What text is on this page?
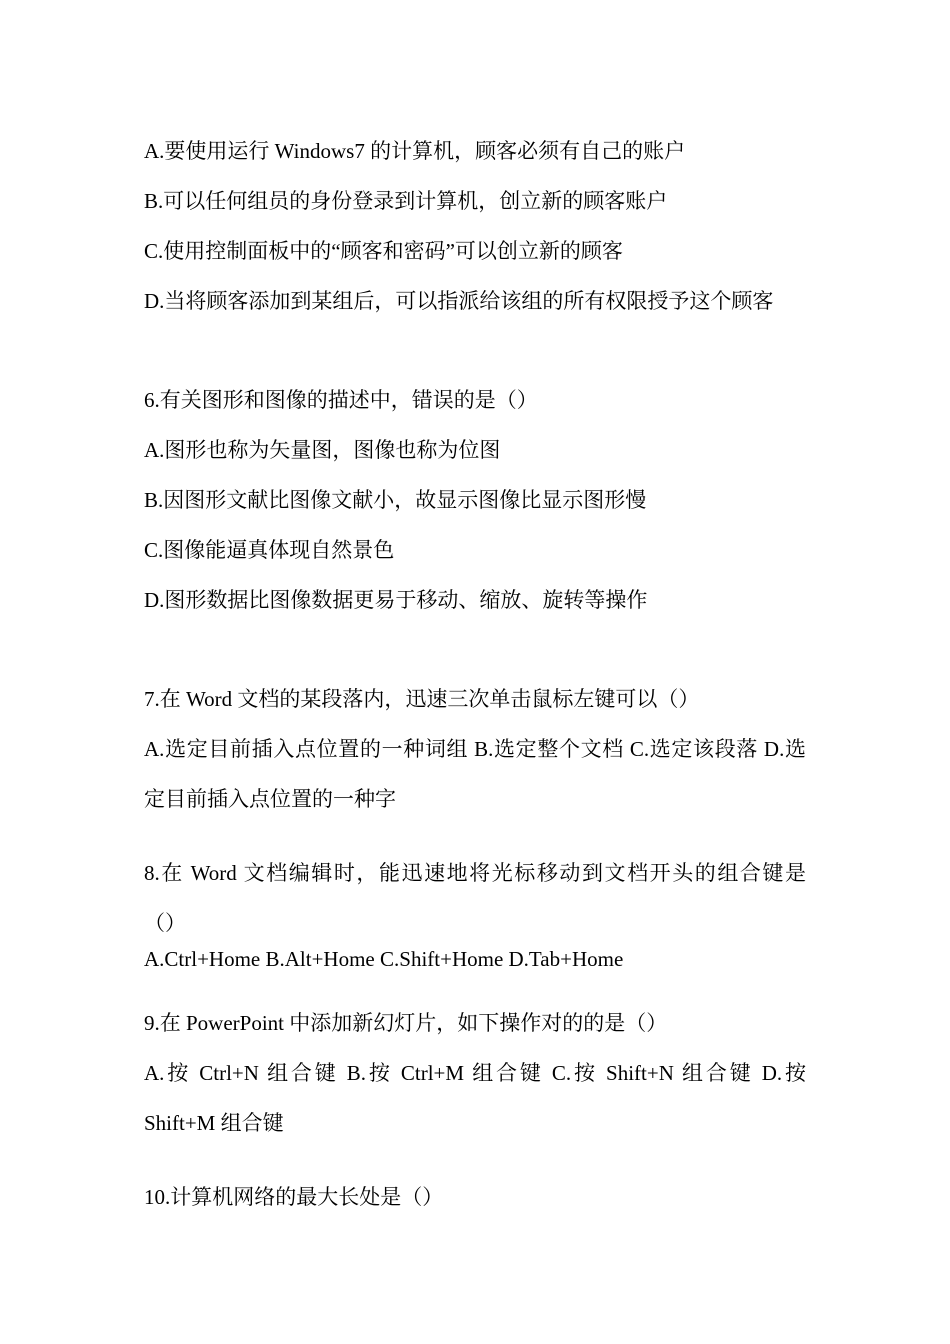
A.要使用运行 Windows7 的计算机，顾客必须有自己的账户
B.可以任何组员的身份登录到计算机，创立新的顾客账户
C.使用控制面板中的“顾客和密码”可以创立新的顾客
D.当将顾客添加到某组后，可以指派给该组的所有权限授予这个顾客
6.有关图形和图像的描述中，错误的是（）
A.图形也称为矢量图，图像也称为位图
B.因图形文献比图像文献小，故显示图像比显示图形慢
C.图像能逼真体现自然景色
D.图形数据比图像数据更易于移动、缩放、旋转等操作
7.在 Word 文档的某段落内，迅速三次单击鼠标左键可以（）
A.选定目前插入点位置的一种词组 B.选定整个文档 C.选定该段落 D.选
定目前插入点位置的一种字
8.在 Word 文档编辑时，能迅速地将光标移动到文档开头的组合键是
（）
A.Ctrl+Home B.Alt+Home C.Shift+Home D.Tab+Home
9.在 PowerPoint 中添加新幻灯片，如下操作对的的是（）
A.按 Ctrl+N 组合键 B.按 Ctrl+M 组合键 C.按 Shift+N 组合键 D.按
Shift+M 组合键
10.计算机网络的最大长处是（）
